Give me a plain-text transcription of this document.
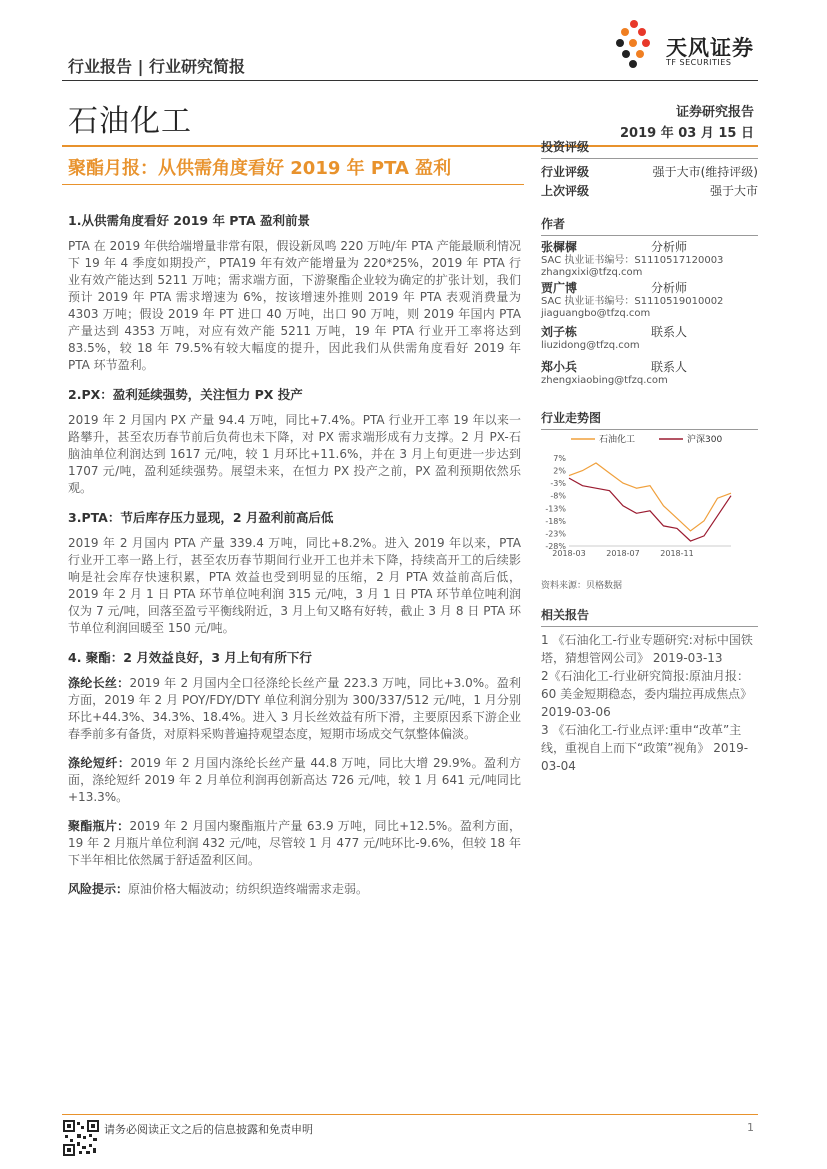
行业报告 | 行业研究简报
天风证券
TF SECURITIES
石油化工	证券研究报告
2019 年 03 月 15 日
聚酯月报：从供需角度看好 2019 年 PTA 盈利
1.从供需角度看好 2019 年 PTA 盈利前景

PTA 在 2019 年供给端增量非常有限，假设新凤鸣 220 万吨/年 PTA 产能最顺利情况下 19 年 4 季度如期投产，PTA19 年有效产能增量为 220*25%，2019 年 PTA 行业有效产能达到 5211 万吨；需求端方面，下游聚酯企业较为确定的扩张计划，我们预计 2019 年 PTA 需求增速为 6%，按该增速外推则 2019 年 PTA 表观消费量为 4303 万吨；假设 2019 年 PT 进口 40 万吨，出口 90 万吨，则 2019 年国内 PTA 产量达到 4353 万吨，对应有效产能 5211 万吨，19 年 PTA 行业开工率将达到 83.5%，较 18 年 79.5%有较大幅度的提升，因此我们从供需角度看好 2019 年 PTA 环节盈利。

2.PX：盈利延续强势，关注恒力 PX 投产

2019 年 2 月国内 PX 产量 94.4 万吨，同比+7.4%。PTA 行业开工率 19 年以来一路攀升，甚至农历春节前后负荷也未下降，对 PX 需求端形成有力支撑。2 月 PX-石脑油单位利润达到 1617 元/吨，较 1 月环比+11.6%，并在 3 月上旬更进一步达到 1707 元/吨，盈利延续强势。展望未来，在恒力 PX 投产之前，PX 盈利预期依然乐观。

3.PTA：节后库存压力显现，2 月盈利前高后低

2019 年 2 月国内 PTA 产量 339.4 万吨，同比+8.2%。进入 2019 年以来，PTA 行业开工率一路上行，甚至农历春节期间行业开工也并未下降，持续高开工的后续影响是社会库存快速积累，PTA 效益也受到明显的压缩，2 月 PTA 效益前高后低，2019 年 2 月 1 日 PTA 环节单位吨利润 315 元/吨，3 月 1 日 PTA 环节单位吨利润仅为 7 元/吨，回落至盈亏平衡线附近，3 月上旬又略有好转，截止 3 月 8 日 PTA 环节单位利润回暖至 150 元/吨。

4. 聚酯：2 月效益良好，3 月上旬有所下行

涤纶长丝：2019 年 2 月国内全口径涤纶长丝产量 223.3 万吨，同比+3.0%。盈利方面，2019 年 2 月 POY/FDY/DTY 单位利润分别为 300/337/512 元/吨，1 月分别环比+44.3%、34.3%、18.4%。进入 3 月长丝效益有所下滑，主要原因系下游企业春季前多有备货，对原料采购普遍持观望态度，短期市场成交气氛整体偏淡。

涤纶短纤：2019 年 2 月国内涤纶长丝产量 44.8 万吨，同比大增 29.9%。盈利方面，涤纶短纤 2019 年 2 月单位利润再创新高达 726 元/吨，较 1 月 641 元/吨同比+13.3%。

聚酯瓶片：2019 年 2 月国内聚酯瓶片产量 63.9 万吨，同比+12.5%。盈利方面，19 年 2 月瓶片单位利润 432 元/吨，尽管较 1 月 477 元/吨环比-9.6%，但较 18 年下半年相比依然属于舒适盈利区间。

风险提示：原油价格大幅波动；纺织织造终端需求走弱。

投资评级
行业评级	强于大市(维持评级)
上次评级	强于大市
作者
张樨樨	分析师
SAC 执业证书编号：S1110517120003
zhangxixi@tfzq.com
贾广博	分析师
SAC 执业证书编号：S1110519010002
jiaguangbo@tfzq.com
刘子栋	联系人
liuzidong@tfzq.com
郑小兵	联系人
zhengxiaobing@tfzq.com
行业走势图
石油化工	沪深300
7%
2%
-3%
-8%
-13%
-18%
-23%
-28%
2018-03	2018-07	2018-11
资料来源：贝格数据
相关报告
1 《石油化工-行业专题研究:对标中国铁塔，猜想管网公司》 2019-03-13
2《石油化工-行业研究简报:原油月报：60 美金短期稳态，委内瑞拉再成焦点》 2019-03-06
3 《石油化工-行业点评:重申“改革”主线，重视自上而下“政策”视角》 2019-03-04
请务必阅读正文之后的信息披露和免责申明	1
